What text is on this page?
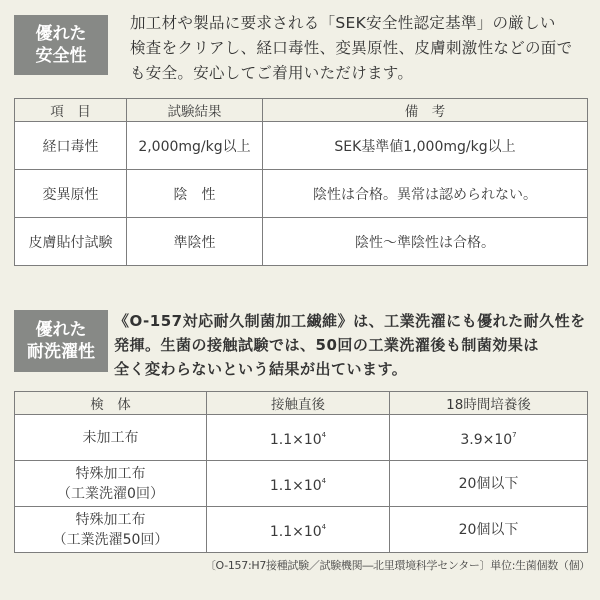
優れた
安全性
加工材や製品に要求される「SEK安全性認定基準」の厳しい
検査をクリアし、経口毒性、変異原性、皮膚刺激性などの面で
も安全。安心してご着用いただけます。
項　目	試験結果	備　考
経口毒性	2,000mg/kg以上	SEK基準値1,000mg/kg以上
変異原性	陰　性	陰性は合格。異常は認められない。
皮膚貼付試験	準陰性	陰性～準陰性は合格。
優れた
耐洗濯性
《O-157対応耐久制菌加工繊維》は、工業洗濯にも優れた耐久性を
発揮。生菌の接触試験では、50回の工業洗濯後も制菌効果は
全く変わらないという結果が出ています。
検　体	接触直後	18時間培養後

未加工布	$1.1\times 10^4$	$3.9\times 10^7$

特殊加工布
（工業洗濯0回）	$1.1\times 10^4$	20個以下

特殊加工布
（工業洗濯50回）	$1.1\times 10^4$	20個以下
〔O-157:H7接種試験／試験機関―北里環境科学センター〕単位:生菌個数（個）
